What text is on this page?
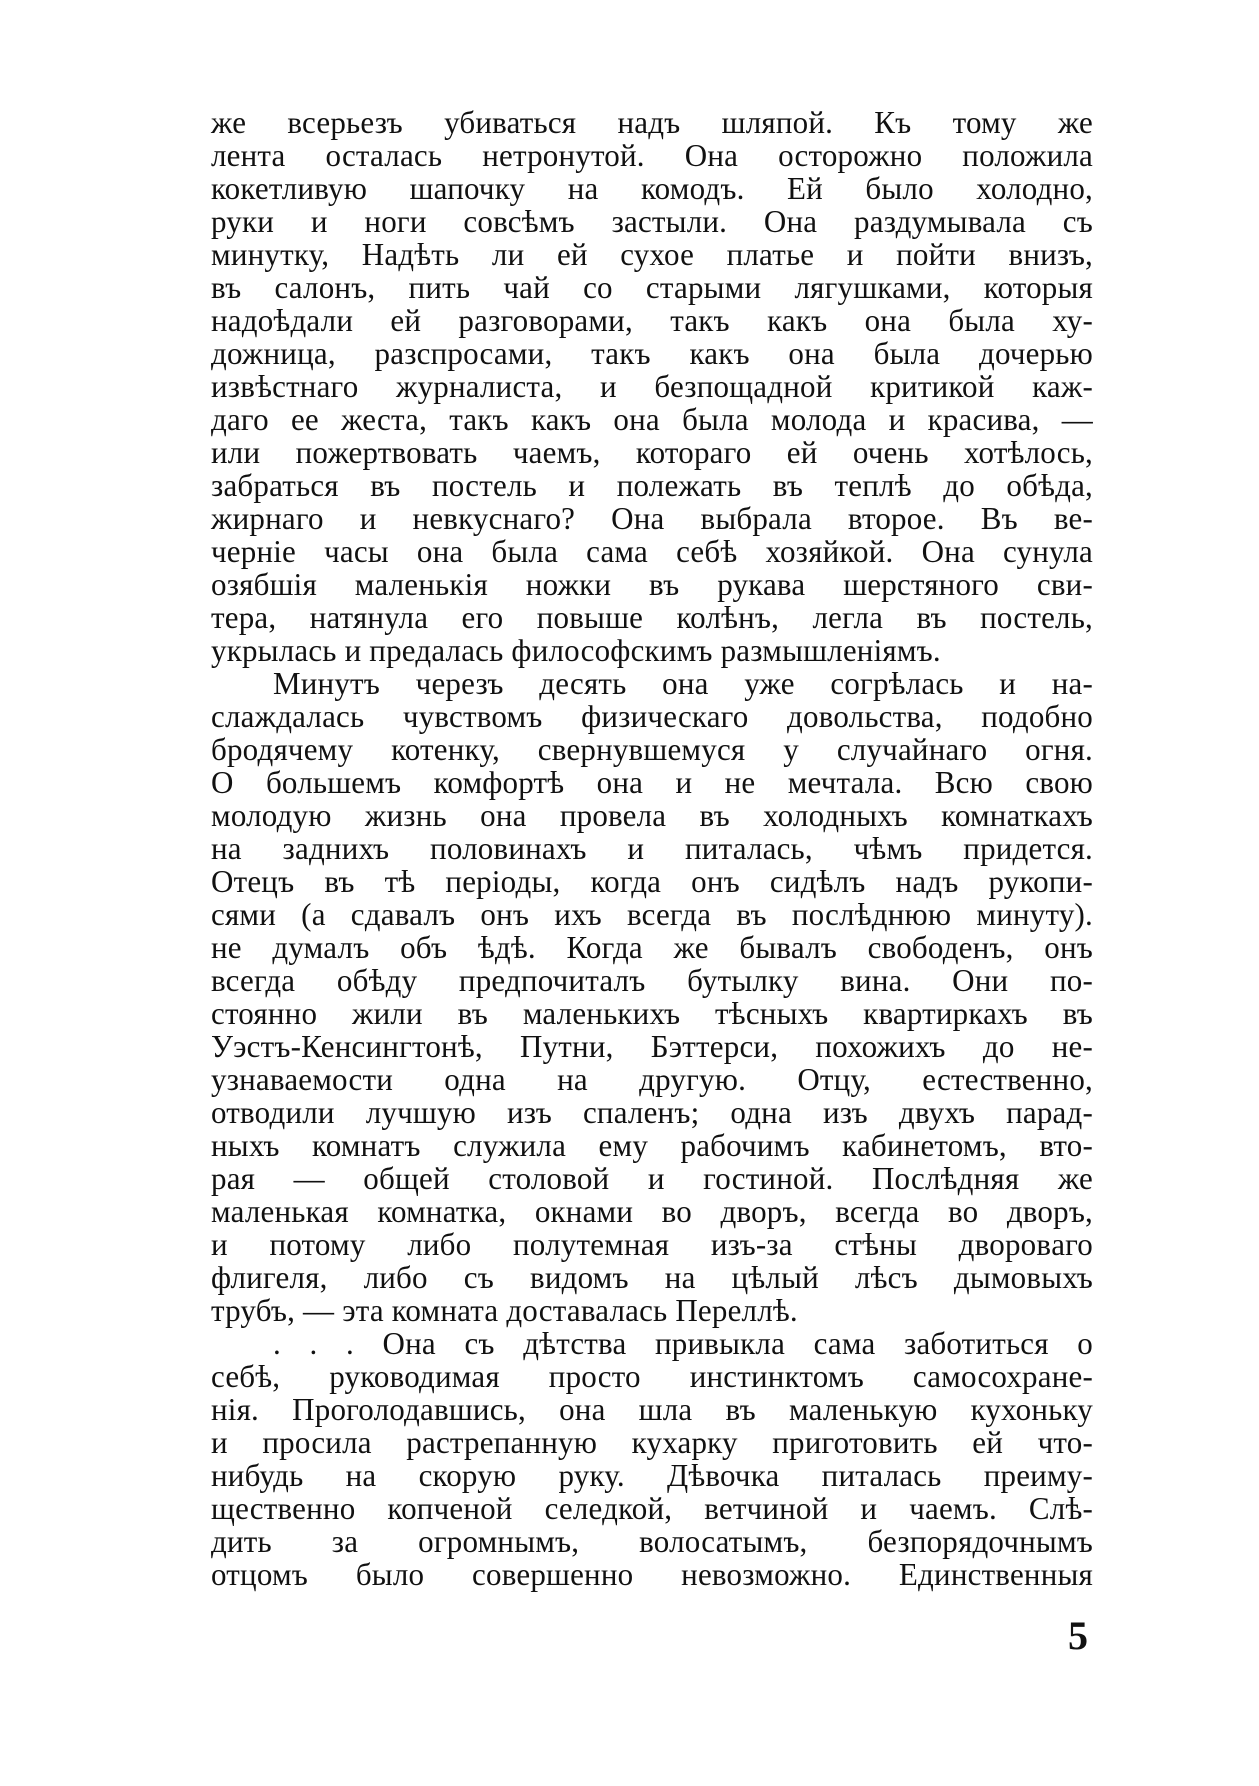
же всерьезъ убиваться надъ шляпой. Къ тому же
лента осталась нетронутой. Она осторожно положила
кокетливую шапочку на комодъ. Ей было холодно,
руки и ноги совсѣмъ застыли. Она раздумывала съ
минутку, Надѣть ли ей сухое платье и пойти внизъ,
въ салонъ, пить чай со старыми лягушками, которыя
надоѣдали ей разговорами, такъ какъ она была ху-
дожница, разспросами, такъ какъ она была дочерью
извѣстнаго журналиста, и безпощадной критикой каж-
даго ее жеста, такъ какъ она была молода и красива, —
или пожертвовать чаемъ, котораго ей очень хотѣлось,
забраться въ постель и полежать въ теплѣ до обѣда,
жирнаго и невкуснаго? Она выбрала второе. Въ ве-
черніе часы она была сама себѣ хозяйкой. Она сунула
озябшія маленькія ножки въ рукава шерстяного сви-
тера, натянула его повыше колѣнъ, легла въ постель,
укрылась и предалась философскимъ размышленіямъ.
Минутъ черезъ десять она уже согрѣлась и на-
слаждалась чувствомъ физическаго довольства, подобно
бродячему котенку, свернувшемуся у случайнаго огня.
О большемъ комфортѣ она и не мечтала. Всю свою
молодую жизнь она провела въ холодныхъ комнаткахъ
на заднихъ половинахъ и питалась, чѣмъ придется.
Отецъ въ тѣ періоды, когда онъ сидѣлъ надъ рукопи-
сями (а сдавалъ онъ ихъ всегда въ послѣднюю минуту).
не думалъ объ ѣдѣ. Когда же бывалъ свободенъ, онъ
всегда обѣду предпочиталъ бутылку вина. Они по-
стоянно жили въ маленькихъ тѣсныхъ квартиркахъ въ
Уэстъ-Кенсингтонѣ, Путни, Бэттерси, похожихъ до не-
узнаваемости одна на другую. Отцу, естественно,
отводили лучшую изъ спаленъ; одна изъ двухъ парад-
ныхъ комнатъ служила ему рабочимъ кабинетомъ, вто-
рая — общей столовой и гостиной. Послѣдняя же
маленькая комнатка, окнами во дворъ, всегда во дворъ,
и потому либо полутемная изъ-за стѣны дворoвaго
флигеля, либо съ видомъ на цѣлый лѣсъ дымовыхъ
трубъ, — эта комната доставалась Переллѣ.
. . . Она съ дѣтства привыкла сама заботиться о
себѣ, руководимая просто инстинктомъ самосохране-
нія. Проголодавшись, она шла въ маленькую кухоньку
и просила растрепанную кухарку приготовить ей что-
нибудь на скорую руку. Дѣвочка питалась преиму-
щественно копченой селедкой, ветчиной и чаемъ. Слѣ-
дить за огромнымъ, волосатымъ, безпорядочнымъ
отцомъ было совершенно невозможно. Единственныя
5
